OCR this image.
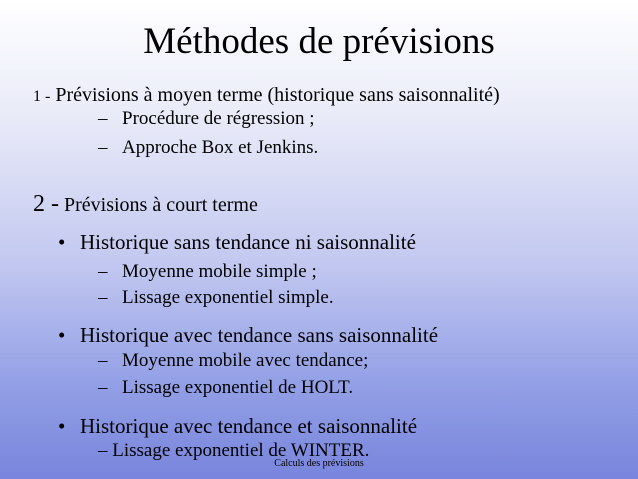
Méthodes de prévisions
1 - Prévisions à moyen terme (historique sans saisonnalité)
– Procédure de régression ;
– Approche Box et Jenkins.
2 - Prévisions à court terme
• Historique sans tendance ni saisonnalité
– Moyenne mobile simple ;
– Lissage exponentiel simple.
• Historique avec tendance sans saisonnalité
– Moyenne mobile avec tendance;
– Lissage exponentiel de HOLT.
• Historique avec tendance et saisonnalité
– Lissage exponentiel de WINTER.
Calculs des prévisions
